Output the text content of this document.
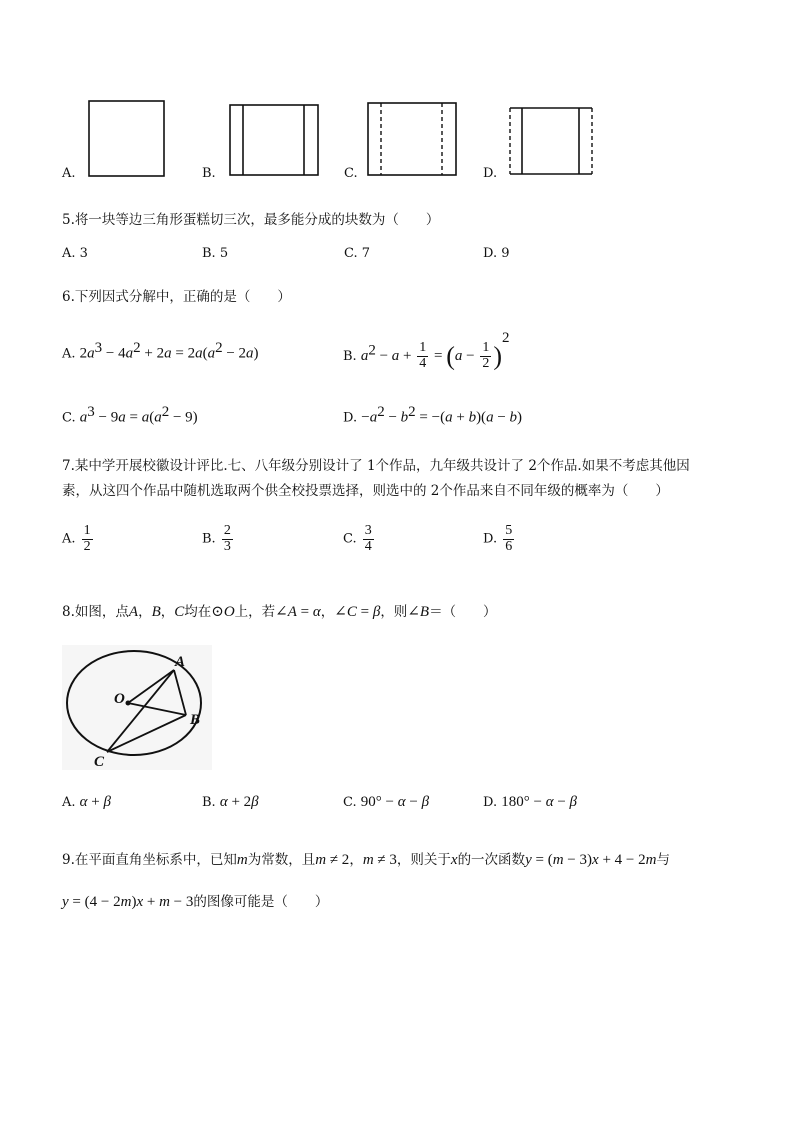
A.	B.	C.	D.
5.将一块等边三角形蛋糕切三次，最多能分成的块数为（　　）
A. 3	B. 5	C. 7	D. 9
6.下列因式分解中，正确的是（　　）
A. $2a^3 - 4a^2 + 2a = 2a(a^2 - 2a)$	B. $a^2 - a + \frac{1}{4} = (a - \frac{1}{2} )^2$
C. $a^3 - 9a = a(a^2 - 9)$	D. $-a^2 - b^2 = -(a + b)(a - b)$
7.某中学开展校徽设计评比.七、八年级分别设计了 1个作品，九年级共设计了 2个作品.如果不考虑其他因
素，从这四个作品中随机选取两个供全校投票选择，则选中的 2个作品来自不同年级的概率为（　　）
A. $\frac{1}{2}$	B. $\frac{2}{3}$	C. $\frac{3}{4}$	D. $\frac{5}{6}$
8.如图，点A，B，C均在⊙O上，若∠A = α，∠C = β，则∠B＝（　　）
A
B
C
O
A. α + β	B. α + 2β	C. 90° − α − β	D. 180° − α − β
9.在平面直角坐标系中，已知m为常数，且m ≠ 2，m ≠ 3，则关于x的一次函数y = (m − 3)x + 4 − 2m与
y = (4 − 2m)x + m − 3的图像可能是（　　）
